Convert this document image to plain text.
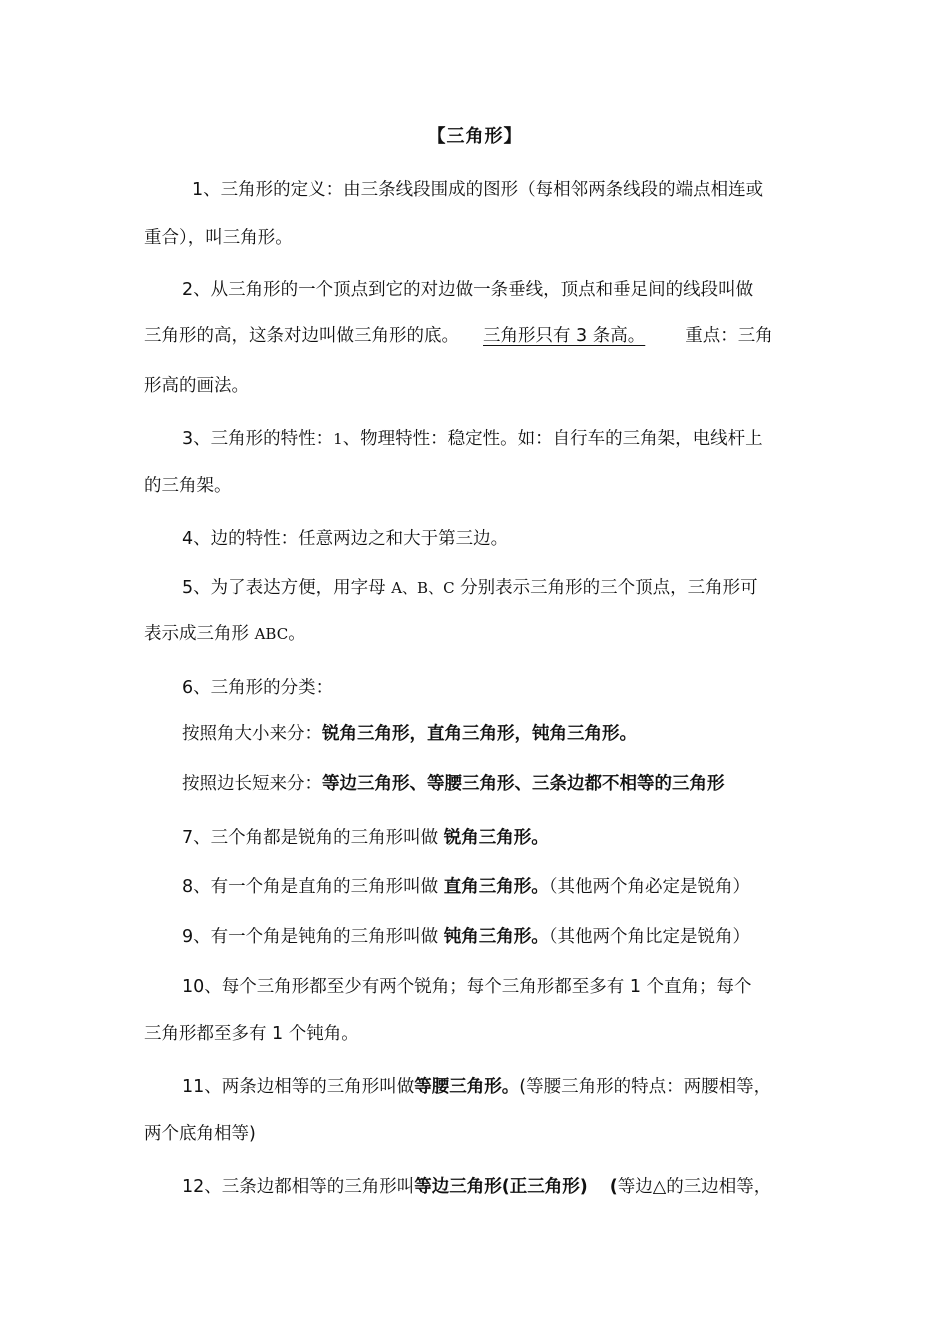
【三角形】
1、三角形的定义：由三条线段围成的图形（每相邻两条线段的端点相连或
重合），叫三角形。
2、从三角形的一个顶点到它的对边做一条垂线，顶点和垂足间的线段叫做
三角形的高，这条对边叫做三角形的底。 三角形只有 3 条高。 重点：三角
形高的画法。
3、三角形的特性：1、物理特性：稳定性。如：自行车的三角架，电线杆上
的三角架。
4、边的特性：任意两边之和大于第三边。
5、为了表达方便，用字母 A、B、C 分别表示三角形的三个顶点，三角形可
表示成三角形 ABC。
6、三角形的分类：
按照角大小来分：锐角三角形，直角三角形，钝角三角形。
按照边长短来分：等边三角形、等腰三角形、三条边都不相等的三角形
7、三个角都是锐角的三角形叫做 锐角三角形。
8、有一个角是直角的三角形叫做 直角三角形。（其他两个角必定是锐角）
9、有一个角是钝角的三角形叫做 钝角三角形。（其他两个角比定是锐角）
10、每个三角形都至少有两个锐角；每个三角形都至多有 1 个直角；每个
三角形都至多有 1 个钝角。
11、两条边相等的三角形叫做等腰三角形。(等腰三角形的特点：两腰相等，
两个底角相等)
12、三条边都相等的三角形叫等边三角形(正三角形) (等边△的三边相等，
